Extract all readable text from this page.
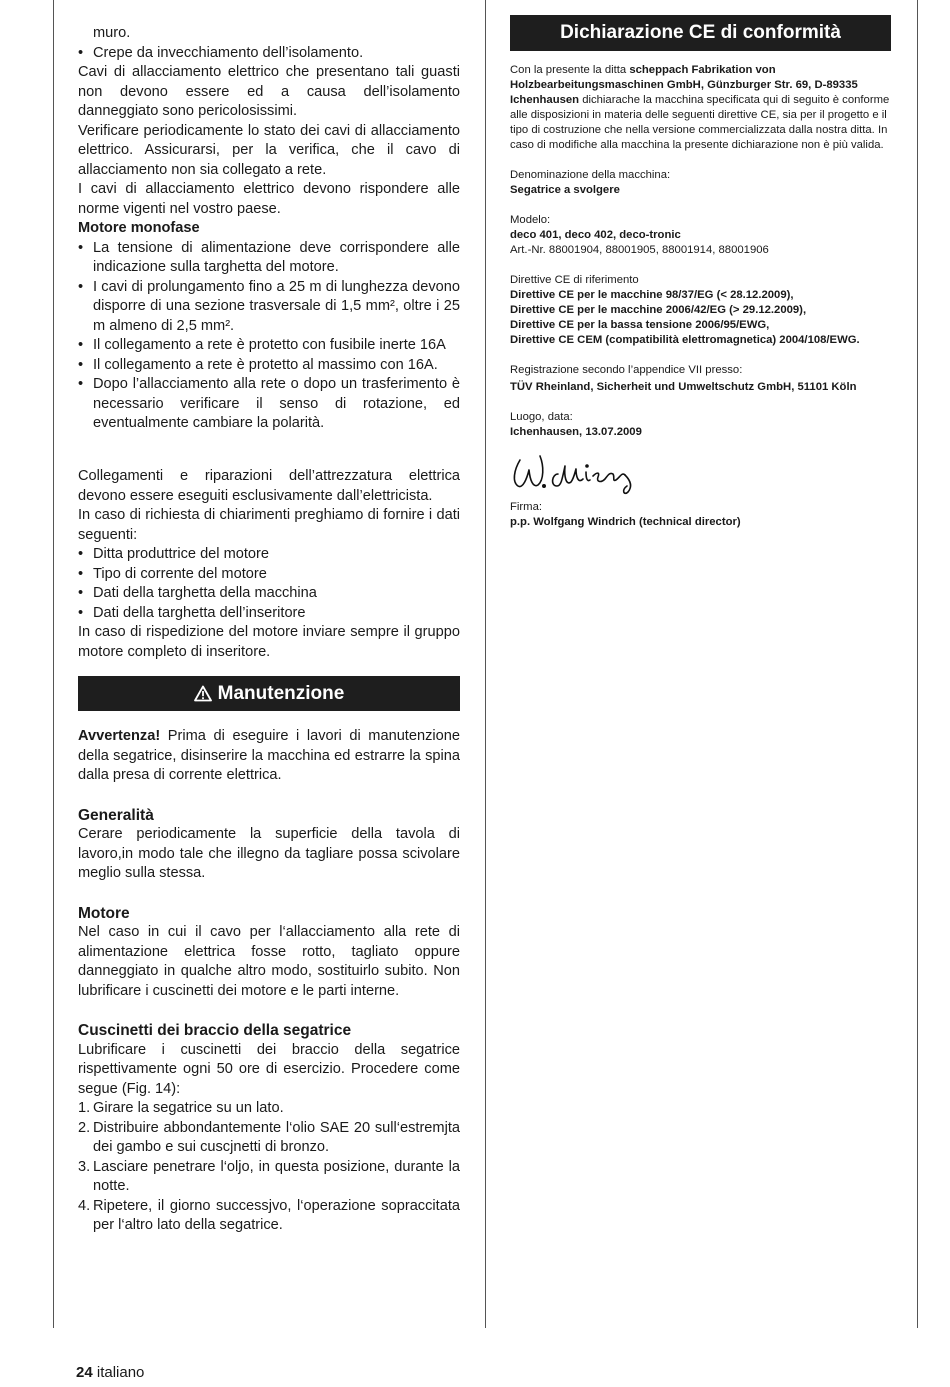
muro.

• Crepe da invecchiamento dell’isolamento.

Cavi di allacciamento elettrico che presentano tali guasti non devono essere ed a causa dell’isolamento danneggiato sono pericolosissimi.

Verificare periodicamente lo stato dei cavi di allacciamento elettrico. Assicurarsi, per la verifica, che il cavo di allacciamento non sia collegato a rete.

I cavi di allacciamento elettrico devono rispondere alle norme vigenti nel vostro paese.

Motore monofase

• La tensione di alimentazione deve corrispondere alle indicazione sulla targhetta del motore.
• I cavi di prolungamento fino a 25 m di lunghezza devono disporre di una sezione trasversale di 1,5 mm², oltre i 25 m almeno di 2,5 mm².
• Il collegamento a rete è protetto con fusibile inerte 16A
• Il collegamento a rete è protetto al massimo con 16A.
• Dopo l’allacciamento alla rete o dopo un trasferimento è necessario verificare il senso di rotazione, ed eventualmente cambiare la polarità.

Collegamenti e riparazioni dell’attrezzatura elettrica devono essere eseguiti esclusivamente dall’elettricista.

In caso di richiesta di chiarimenti preghiamo di fornire i dati seguenti:

• Ditta produttrice del motore
• Tipo di corrente del motore
• Dati della targhetta della macchina
• Dati della targhetta dell’inseritore

In caso di rispedizione del motore inviare sempre il gruppo motore completo di inseritore.

Manutenzione

Avvertenza! Prima di eseguire i lavori di manutenzione della segatrice, disinserire la macchina ed estrarre la spina dalla presa di corrente elettrica.

Generalità

Cerare periodicamente la superficie della tavola di lavoro,in modo tale che illegno da tagliare possa scivolare meglio sulla stessa.

Motore

Nel caso in cui il cavo per l‘allacciamento alla rete di alimentazione elettrica fosse rotto, tagliato oppure danneggiato in qualche altro modo, sostituirlo subito. Non lubrificare i cuscinetti dei motore e le parti interne.

Cuscinetti dei braccio della segatrice

Lubrificare i cuscinetti dei braccio della segatrice rispettivamente ogni 50 ore di esercizio. Procedere come segue (Fig. 14):

1. Girare la segatrice su un lato.
2. Distribuire abbondantemente l‘olio SAE 20 sull‘estremjta dei gambo e sui cuscjnetti di bronzo.
3. Lasciare penetrare l‘oljo, in questa posizione, durante la notte.
4. Ripetere, il giorno successjvo, l‘operazione sopraccitata per l‘altro lato della segatrice.
Dichiarazione CE di conformità

Con la presente la ditta scheppach Fabrikation von Holzbearbeitungsmaschinen GmbH, Günzburger Str. 69, D-89335 Ichenhausen dichiarache la macchina specificata qui di seguito è conforme alle disposizioni in materia delle seguenti direttive CE, sia per il progetto e il tipo di costruzione che nella versione commercializzata dalla nostra ditta. In caso di modifiche alla macchina la presente dichiarazione non è più valida.

Denominazione della macchina:

Segatrice a svolgere

Modelo:

deco 401, deco 402, deco-tronic

Art.-Nr. 88001904, 88001905, 88001914, 88001906

Direttive CE di riferimento

Direttive CE per le macchine 98/37/EG (< 28.12.2009),

Direttive CE per le macchine 2006/42/EG (> 29.12.2009),

Direttive CE per la bassa tensione 2006/95/EWG,

Direttive CE CEM (compatibilità elettromagnetica) 2004/108/EWG.

Registrazione secondo l’appendice VII presso:

TÜV Rheinland, Sicherheit und Umweltschutz GmbH, 51101 Köln

Luogo, data:

Ichenhausen, 13.07.2009

Firma:

p.p. Wolfgang Windrich (technical director)

24 italiano
